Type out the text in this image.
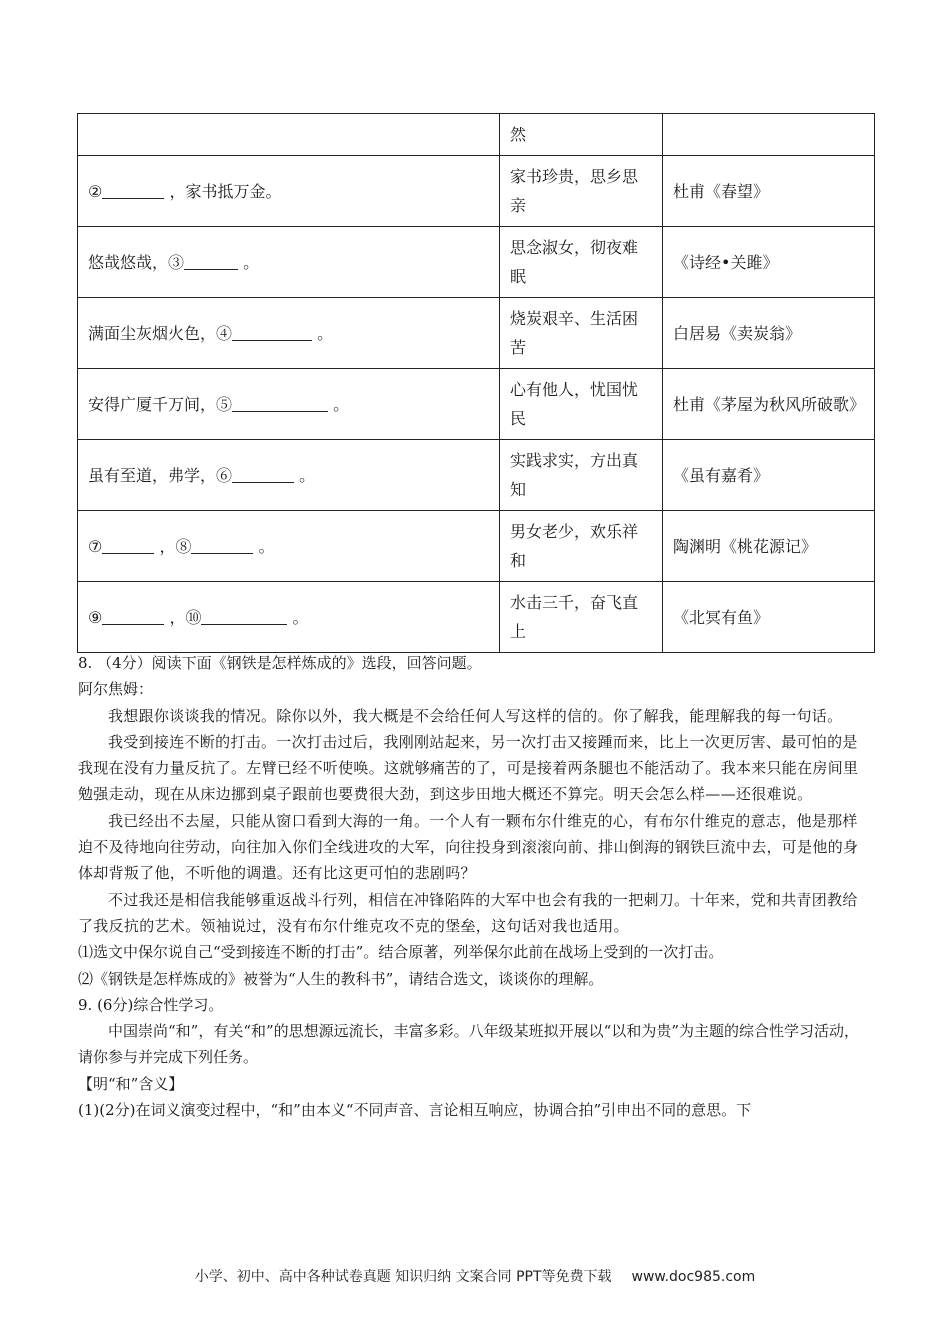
	然	
② ，家书抵万金。	家书珍贵，思乡思亲	杜甫《春望》
悠哉悠哉，③ 。	思念淑女，彻夜难眠	《诗经•关雎》
满面尘灰烟火色，④ 。	烧炭艰辛、生活困苦	白居易《卖炭翁》
安得广厦千万间，⑤ 。	心有他人，忧国忧民	杜甫《茅屋为秋风所破歌》
虽有至道，弗学，⑥ 。	实践求实，方出真知	《虽有嘉肴》
⑦ ，⑧ 。	男女老少，欢乐祥和	陶渊明《桃花源记》
⑨ ，⑩ 。	水击三千，奋飞直上	《北冥有鱼》

8. （4分）阅读下面《钢铁是怎样炼成的》选段，回答问题。

阿尔焦姆：

我想跟你谈谈我的情况。除你以外，我大概是不会给任何人写这样的信的。你了解我，能理解我的每一句话。

我受到接连不断的打击。一次打击过后，我刚刚站起来，另一次打击又接踵而来，比上一次更厉害、最可怕的是我现在没有力量反抗了。左臂已经不听使唤。这就够痛苦的了，可是接着两条腿也不能活动了。我本来只能在房间里勉强走动，现在从床边挪到桌子跟前也要费很大劲，到这步田地大概还不算完。明天会怎么样——还很难说。

我已经出不去屋，只能从窗口看到大海的一角。一个人有一颗布尔什维克的心，有布尔什维克的意志，他是那样迫不及待地向往劳动，向往加入你们全线进攻的大军，向往投身到滚滚向前、排山倒海的钢铁巨流中去，可是他的身体却背叛了他，不听他的调遣。还有比这更可怕的悲剧吗？

不过我还是相信我能够重返战斗行列，相信在冲锋陷阵的大军中也会有我的一把刺刀。十年来，党和共青团教给了我反抗的艺术。领袖说过，没有布尔什维克攻不克的堡垒，这句话对我也适用。

⑴选文中保尔说自己“受到接连不断的打击”。结合原著，列举保尔此前在战场上受到的一次打击。

⑵《钢铁是怎样炼成的》被誉为“人生的教科书”，请结合选文，谈谈你的理解。

9. (6分)综合性学习。

中国崇尚“和”，有关“和”的思想源远流长，丰富多彩。八年级某班拟开展以“以和为贵”为主题的综合性学习活动，请你参与并完成下列任务。

【明“和”含义】

(1)(2分)在词义演变过程中，“和”由本义“不同声音、言论相互响应，协调合拍”引申出不同的意思。下

小学、初中、高中各种试卷真题 知识归纳 文案合同 PPT等免费下载 www.doc985.com
